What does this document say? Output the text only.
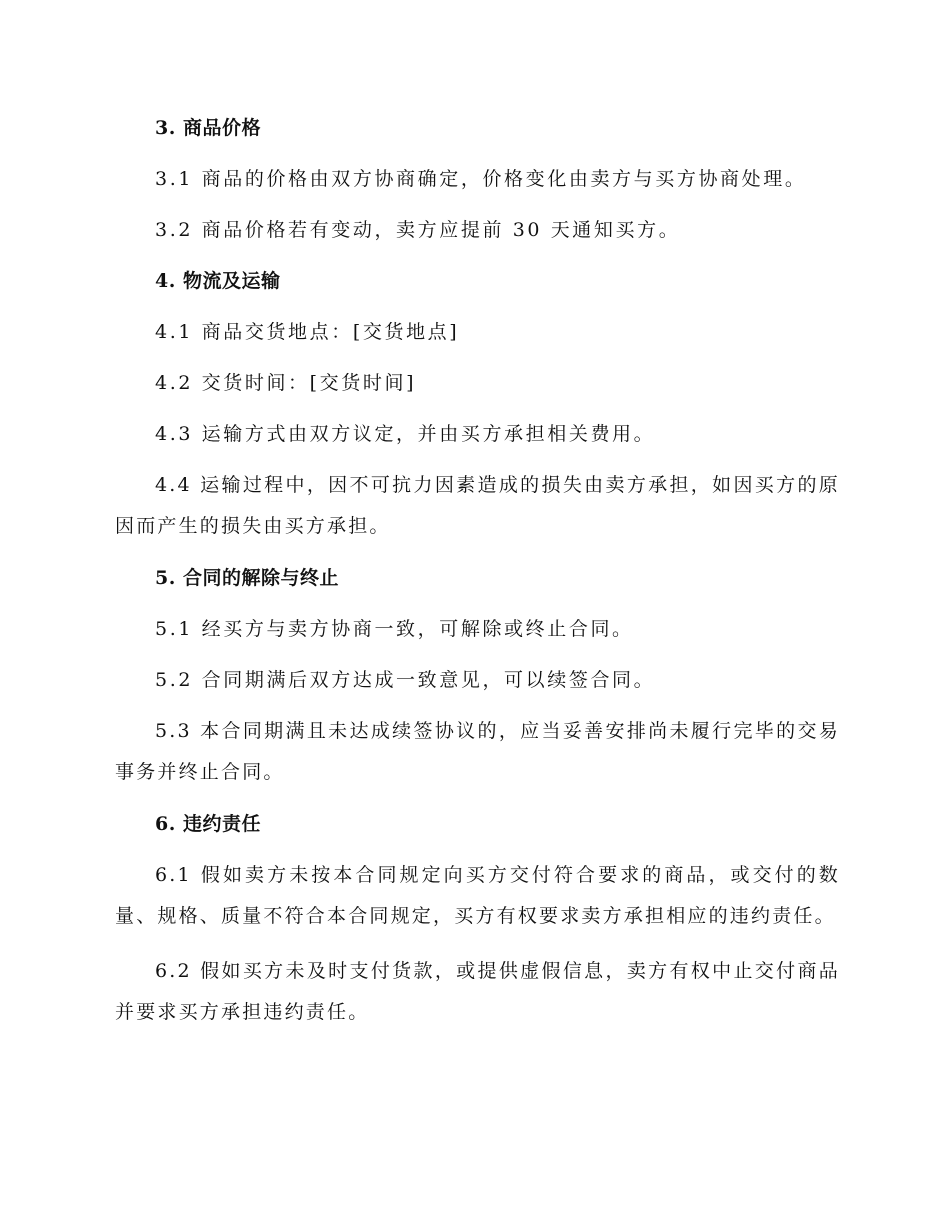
3. 商品价格
3.1 商品的价格由双方协商确定，价格变化由卖方与买方协商处理。
3.2 商品价格若有变动，卖方应提前 30 天通知买方。
4. 物流及运输
4.1 商品交货地点：[交货地点]
4.2 交货时间：[交货时间]
4.3 运输方式由双方议定，并由买方承担相关费用。
4.4 运输过程中，因不可抗力因素造成的损失由卖方承担，如因买方的原因而产生的损失由买方承担。
5. 合同的解除与终止
5.1 经买方与卖方协商一致，可解除或终止合同。
5.2 合同期满后双方达成一致意见，可以续签合同。
5.3 本合同期满且未达成续签协议的，应当妥善安排尚未履行完毕的交易事务并终止合同。
6. 违约责任
6.1 假如卖方未按本合同规定向买方交付符合要求的商品，或交付的数量、规格、质量不符合本合同规定，买方有权要求卖方承担相应的违约责任。
6.2 假如买方未及时支付货款，或提供虚假信息，卖方有权中止交付商品并要求买方承担违约责任。
